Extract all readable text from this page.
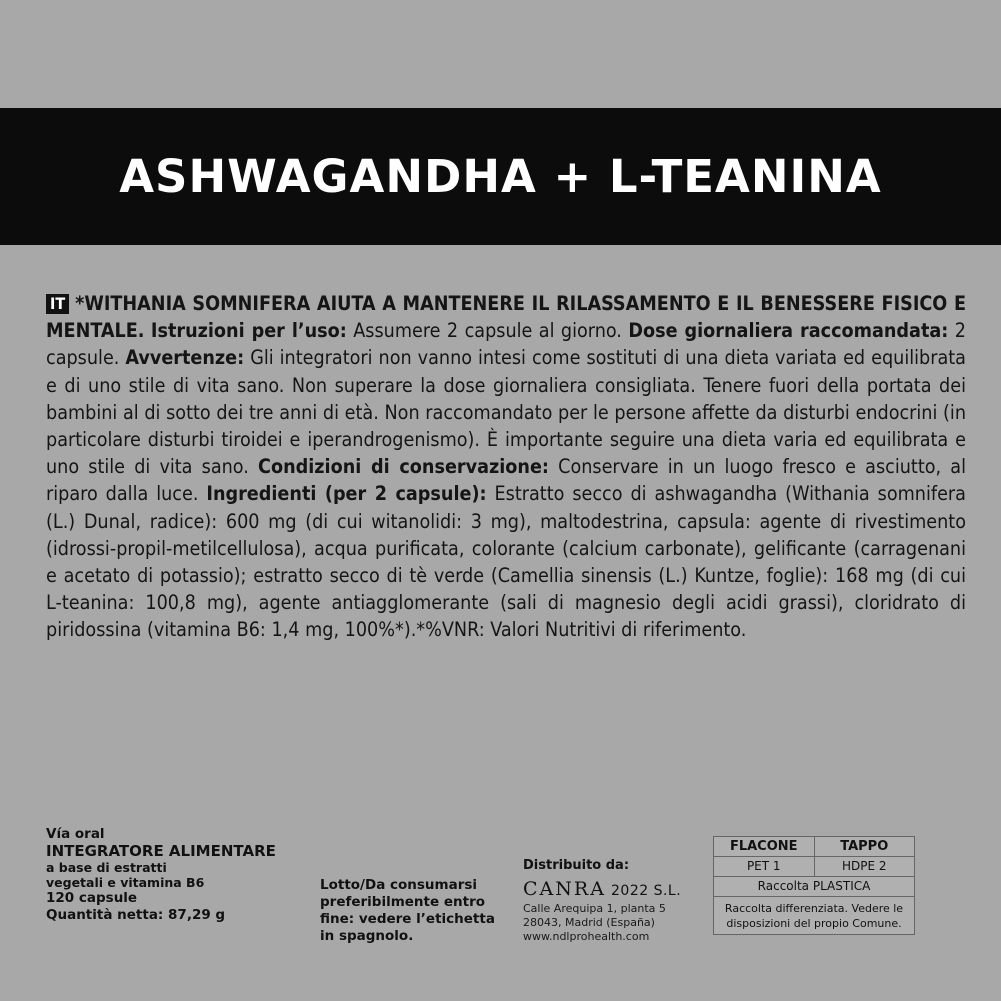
ASHWAGANDHA + L-TEANINA
IT *WITHANIA SOMNIFERA AIUTA A MANTENERE IL RILASSAMENTO E IL BENESSERE FISICO E MENTALE. Istruzioni per l’uso: Assumere 2 capsule al giorno. Dose giornaliera raccomandata: 2 capsule. Avvertenze: Gli integratori non vanno intesi come sostituti di una dieta variata ed equilibrata e di uno stile di vita sano. Non superare la dose giornaliera consigliata. Tenere fuori della portata dei bambini al di sotto dei tre anni di età. Non raccomandato per le persone affette da disturbi endocrini (in particolare disturbi tiroidei e iperandrogenismo). È importante seguire una dieta varia ed equilibrata e uno stile di vita sano. Condizioni di conservazione: Conservare in un luogo fresco e asciutto, al riparo dalla luce. Ingredienti (per 2 capsule): Estratto secco di ashwagandha (Withania somnifera (L.) Dunal, radice): 600 mg (di cui witanolidi: 3 mg), maltodestrina, capsula: agente di rivestimento (idrossi-propil-metilcellulosa), acqua purificata, colorante (calcium carbonate), gelificante (carragenani e acetato di potassio); estratto secco di tè verde (Camellia sinensis (L.) Kuntze, foglie): 168 mg (di cui L-teanina: 100,8 mg), agente antiagglomerante (sali di magnesio degli acidi grassi), cloridrato di piridossina (vitamina B6: 1,4 mg, 100%*).*%VNR: Valori Nutritivi di riferimento.
Vía oral
INTEGRATORE ALIMENTARE
a base di estratti
vegetali e vitamina B6
120 capsule
Quantità netta: 87,29 g
Lotto/Da consumarsi preferibilmente entro fine: vedere l’etichetta in spagnolo.
Distribuito da:
CANRA 2022 S.L.
Calle Arequipa 1, planta 5
28043, Madrid (España)
www.ndlprohealth.com
FLACONE	TAPPO
PET 1	HDPE 2
Raccolta PLASTICA
Raccolta differenziata. Vedere le disposizioni del propio Comune.
